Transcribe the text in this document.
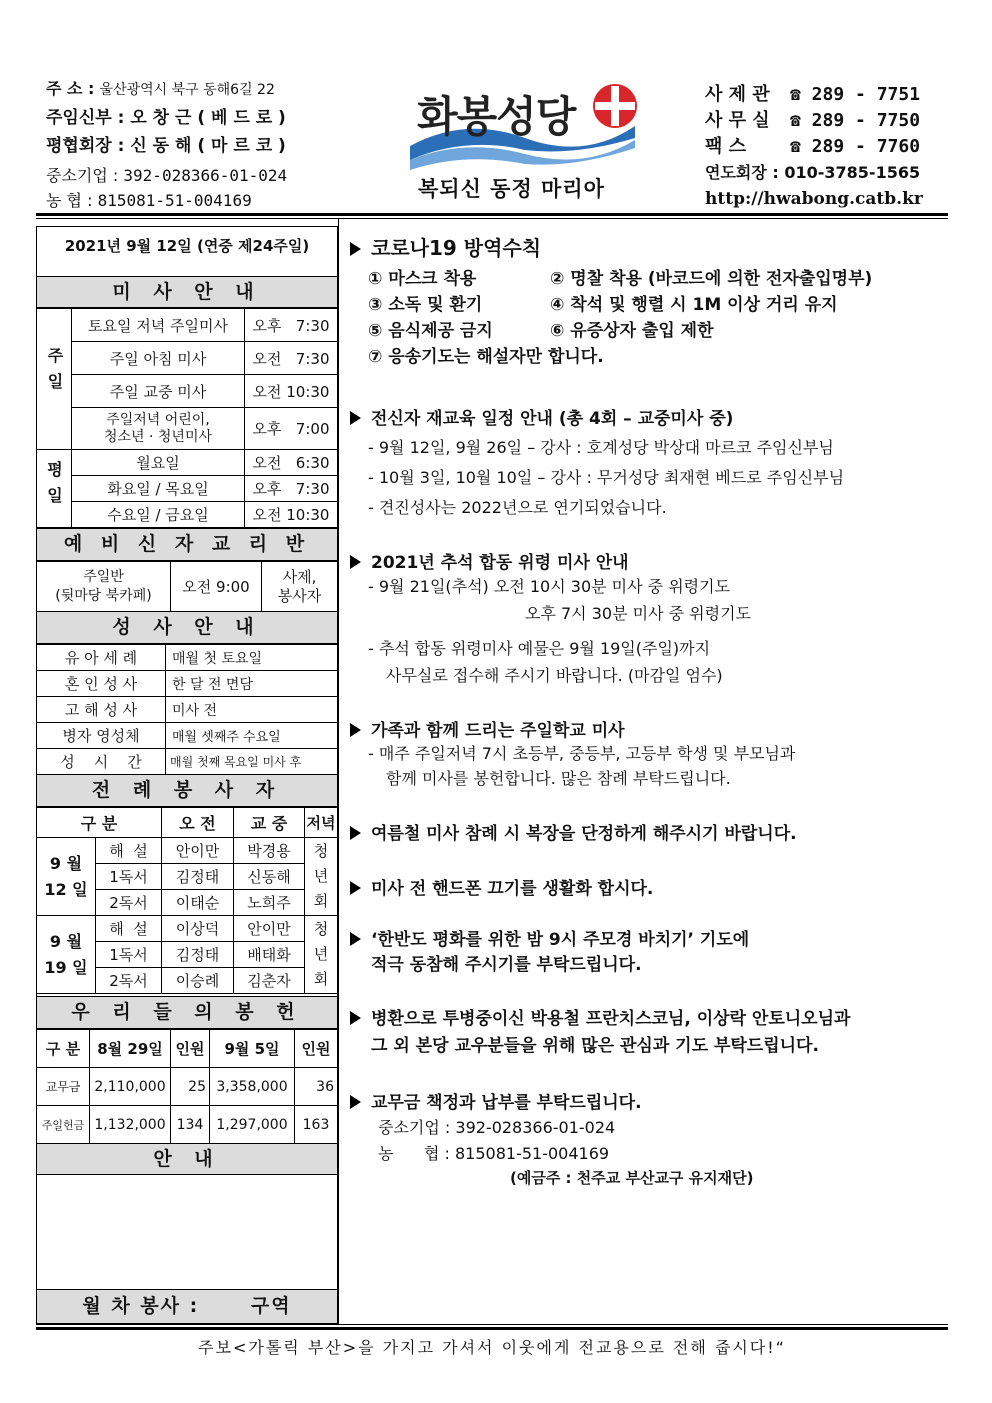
주 소 : 울산광역시 북구 동해6길 22
주임신부 : 오 창 근 ( 베 드 로 )
평협회장 : 신 동 해 ( 마 르 코 )
중소기업 : 392-028366-01-024
농 협 : 815081-51-004169
화봉성당
복되신 동정 마리아
사 제 관 ☎ 289 - 7751
사 무 실 ☎ 289 - 7750
팩 스 ☎ 289 - 7760
연도회장 : 010-3785-1565
http://hwabong.catb.kr
2021년 9월 12일 (연중 제24주일)
미 사 안 내
주일	토요일 저녁 주일미사	오후   7:30
	주일 아침 미사	오전   7:30
	주일 교중 미사	오전 10:30
	주일저녁 어린이,
청소년 · 청년미사	오후   7:00
평일	월요일	오전   6:30
	화요일 / 목요일	오후   7:30
	수요일 / 금요일	오전 10:30
예 비 신 자 교 리 반
주일반
(뒷마당 북카페)	오전 9:00	사제,
봉사자
성 사 안 내
유 아 세 례	매월 첫 토요일
혼 인 성 사	한 달 전 면담
고 해 성 사	미사 전
병자 영성체	매월 셋째주 수요일
성    시    간	매월 첫째 목요일 미사 후
전 례 봉 사 자
구 분		오 전	교 중	저녁
9 월
12 일	해  설	안이만	박경용	청
년
회
	1독서	김정태	신동해	
	2독서	이태순	노희주	
9 월
19 일	해  설	이상덕	안이만	청
년
회
	1독서	김정태	배태화	
	2독서	이승례	김춘자	
우 리 들 의 봉 헌
구 분	8월 29일	인원	9월 5일	인원
교무금	2,110,000	25	3,358,000	36
주일헌금	1,132,000	134	1,297,000	163
안 내
월 차 봉사 :      구역
코로나19 방역수칙
① 마스크 착용	② 명찰 착용 (바코드에 의한 전자출입명부)
③ 소독 및 환기	④ 착석 및 행렬 시 1M 이상 거리 유지
⑤ 음식제공 금지	⑥ 유증상자 출입 제한
⑦ 응송기도는 해설자만 합니다.
전신자 재교육 일정 안내 (총 4회 – 교중미사 중)
- 9월 12일, 9월 26일 – 강사 : 호계성당 박상대 마르코 주임신부님
- 10월 3일, 10월 10일 – 강사 : 무거성당 최재현 베드로 주임신부님
- 견진성사는 2022년으로 연기되었습니다.
2021년 추석 합동 위령 미사 안내
- 9월 21일(추석) 오전 10시 30분 미사 중 위령기도
오후 7시 30분 미사 중 위령기도
- 추석 합동 위령미사 예물은 9월 19일(주일)까지
사무실로 접수해 주시기 바랍니다. (마감일 엄수)
가족과 함께 드리는 주일학교 미사
- 매주 주일저녁 7시 초등부, 중등부, 고등부 학생 및 부모님과
함께 미사를 봉헌합니다. 많은 참례 부탁드립니다.
여름철 미사 참례 시 복장을 단정하게 해주시기 바랍니다.
미사 전 핸드폰 끄기를 생활화 합시다.
‘한반도 평화를 위한 밤 9시 주모경 바치기’ 기도에
적극 동참해 주시기를 부탁드립니다.
병환으로 투병중이신 박용철 프란치스코님, 이상락 안토니오님과
그 외 본당 교우분들을 위해 많은 관심과 기도 부탁드립니다.
교무금 책정과 납부를 부탁드립니다.
중소기업 : 392-028366-01-024
농      협 : 815081-51-004169
(예금주 : 천주교 부산교구 유지재단)
주보<가톨릭 부산>을 가지고 가셔서 이웃에게 전교용으로 전해 줍시다!“
